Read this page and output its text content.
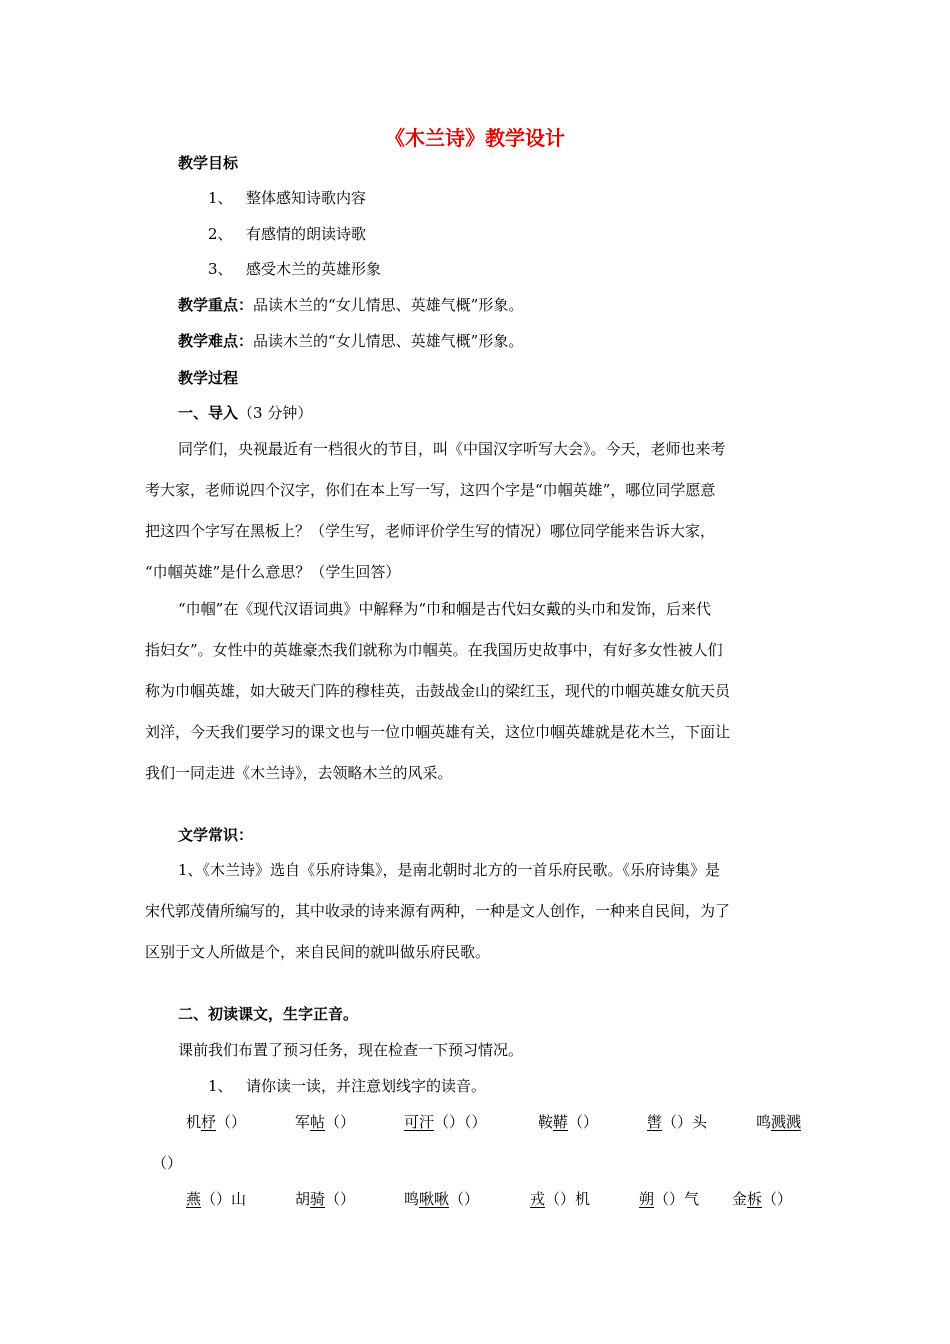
《木兰诗》教学设计
教学目标
1、 整体感知诗歌内容
2、 有感情的朗读诗歌
3、 感受木兰的英雄形象
教学重点：品读木兰的“女儿情思、英雄气概”形象。
教学难点：品读木兰的“女儿情思、英雄气概”形象。
教学过程
一、导入（3 分钟）
同学们，央视最近有一档很火的节目，叫《中国汉字听写大会》。今天，老师也来考
考大家，老师说四个汉字，你们在本上写一写，这四个字是“巾帼英雄”，哪位同学愿意
把这四个字写在黑板上？（学生写，老师评价学生写的情况）哪位同学能来告诉大家，
“巾帼英雄”是什么意思？（学生回答）
“巾帼”在《现代汉语词典》中解释为“巾和帼是古代妇女戴的头巾和发饰，后来代
指妇女”。女性中的英雄豪杰我们就称为巾帼英。在我国历史故事中，有好多女性被人们
称为巾帼英雄，如大破天门阵的穆桂英，击鼓战金山的梁红玉，现代的巾帼英雄女航天员
刘洋，今天我们要学习的课文也与一位巾帼英雄有关，这位巾帼英雄就是花木兰，下面让
我们一同走进《木兰诗》，去领略木兰的风采。
文学常识：
1、《木兰诗》选自《乐府诗集》，是南北朝时北方的一首乐府民歌。《乐府诗集》是
宋代郭茂倩所编写的，其中收录的诗来源有两种，一种是文人创作，一种来自民间，为了
区别于文人所做是个，来自民间的就叫做乐府民歌。
二、初读课文，生字正音。
课前我们布置了预习任务，现在检查一下预习情况。
1、 请你读一读，并注意划线字的读音。
机杼（）	军帖（）	可汗（）（）	鞍鞯（）	辔（）头	鸣溅溅
（）
燕（）山	胡骑（）	鸣啾啾（）	戎（）机	朔（）气 金柝（）
